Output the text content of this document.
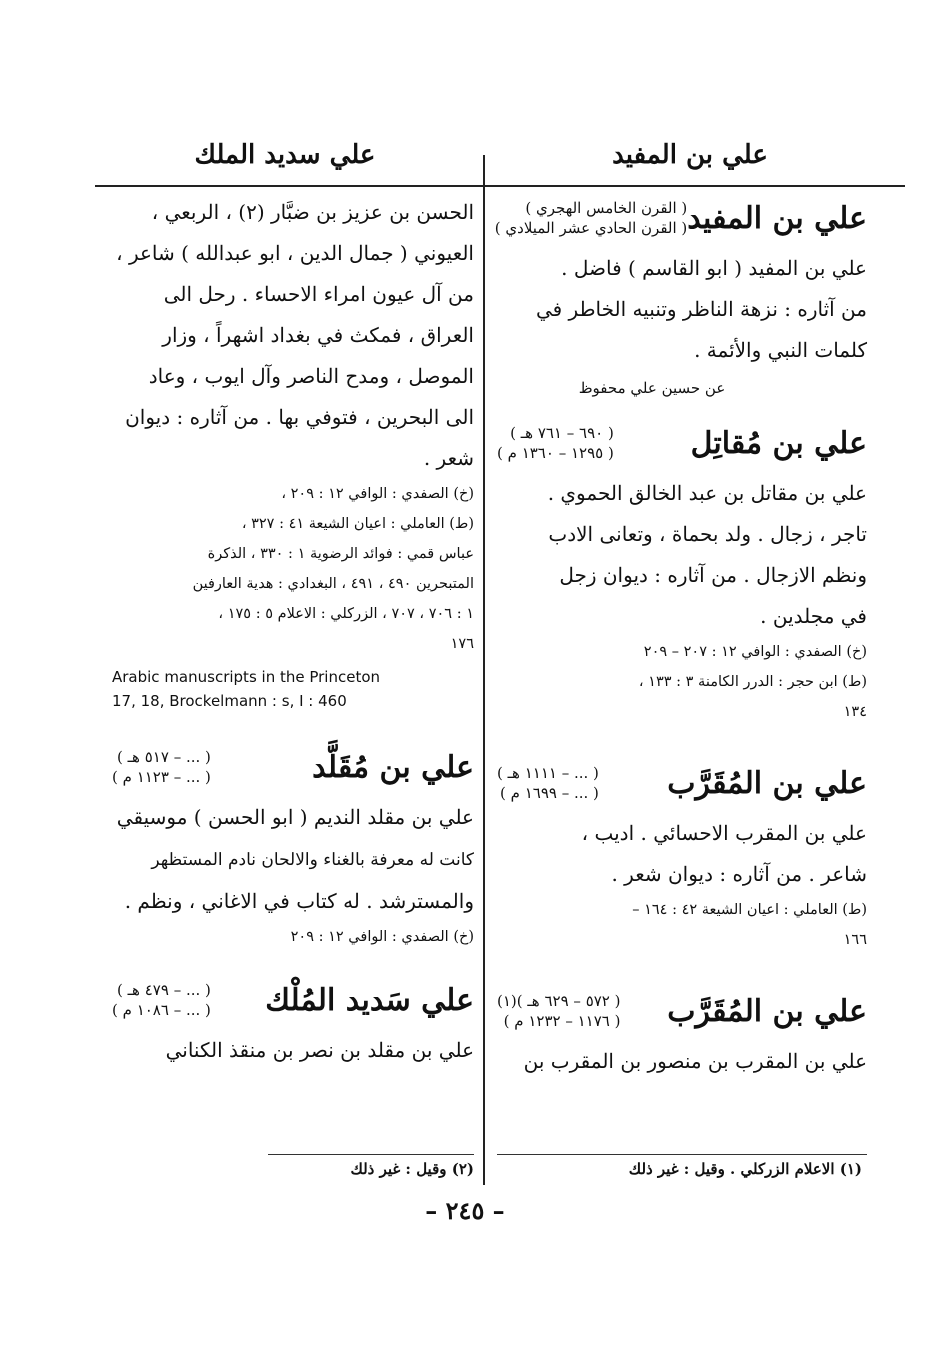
علي بن المفيد
علي سديد الملك
علي بن المفيد
( القرن الخامس الهجري )
( القرن الحادي عشر الميلادي )

علي بن المفيد ( ابو القاسم ) فاضل .
من آثاره : نزهة الناظر وتنبيه الخاطر في
كلمات النبي والأئمة .

عن حسين علي محفوظ
علي بن مُقاتِل
( ٦٩٠ – ٧٦١ هـ )
( ١٢٩٥ – ١٣٦٠ م )

علي بن مقاتل بن عبد الخالق الحموي .
تاجر ، زجال . ولد بحماة ، وتعانى الادب
ونظم الازجال . من آثاره : ديوان زجل
في مجلدين .

(خ) الصفدي : الوافي ١٢ : ٢٠٧ – ٢٠٩
(ط) ابن حجر : الدرر الكامنة ٣ : ١٣٣ ،
١٣٤

علي بن المُقَرَّب
( ... – ١١١١ هـ )
( ... – ١٦٩٩ م )

علي بن المقرب الاحسائي . اديب ،
شاعر . من آثاره : ديوان شعر .

(ط) العاملي : اعيان الشيعة ٤٢ : ١٦٤ –
١٦٦

علي بن المُقَرَّب
( ٥٧٢ – ٦٢٩ هـ )(١)
( ١١٧٦ – ١٢٣٢ م )

علي بن المقرب بن منصور بن المقرب بن

الحسن بن عزيز بن ضبَّار (٢) ، الربعي ،
العيوني ( جمال الدين ، ابو عبدالله ) شاعر ،
من آل عيون امراء الاحساء . رحل الى
العراق ، فمكث في بغداد اشهراً ، وزار
الموصل ، ومدح الناصر وآل ايوب ، وعاد
الى البحرين ، فتوفي بها . من آثاره : ديوان
شعر .

(خ) الصفدي : الوافي ١٢ : ٢٠٩ ،
(ط) العاملي : اعيان الشيعة ٤١ : ٣٢٧ ،
عباس قمي : فوائد الرضوية ١ : ٣٣٠ ، الذكرة
المتبحرين ٤٩٠ ، ٤٩١ ، البغدادي : هدية العارفين
١ : ٧٠٦ ، ٧٠٧ ، الزركلي : الاعلام ٥ : ١٧٥ ،
١٧٦

Arabic manuscripts in the Princeton
17, 18, Brockelmann : s, I : 460
علي بن مُقَلَّد
( ... – ٥١٧ هـ )
( ... – ١١٢٣ م )

علي بن مقلد النديم ( ابو الحسن ) موسيقي
كانت له معرفة بالغناء والالحان نادم المستظهر
والمسترشد . له كتاب في الاغاني ، ونظم .

(خ) الصفدي : الوافي ١٢ : ٢٠٩

علي سَديد المُلْك
( ... – ٤٧٩ هـ )
( ... – ١٠٨٦ م )

علي بن مقلد بن نصر بن منقذ الكناني

(١) الاعلام الزركلي . وقيل : غير ذلك
(٢) وقيل : غير ذلك
– ٢٤٥ –
